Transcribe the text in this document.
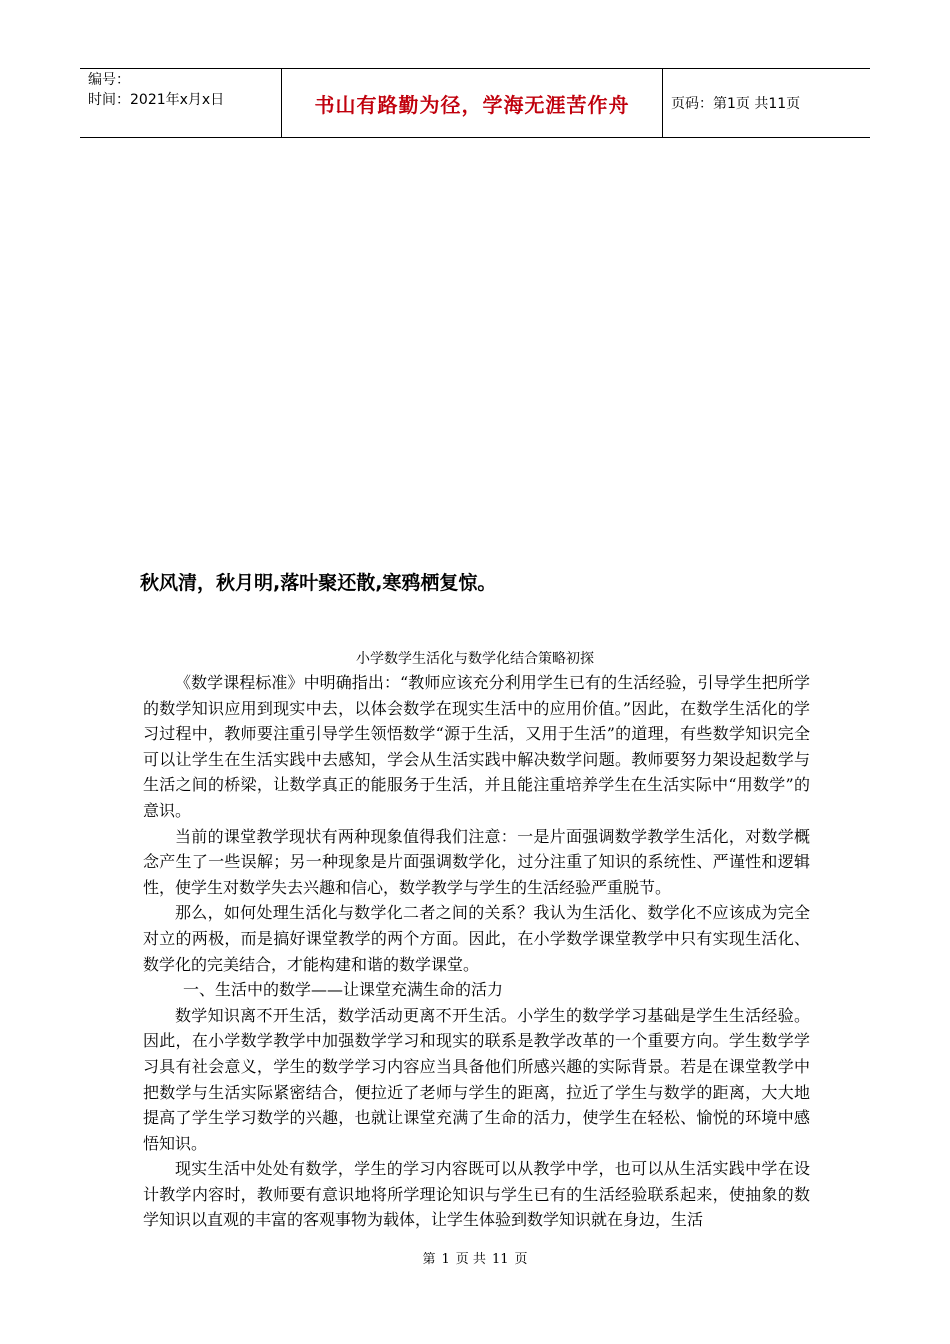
编号：
时间：2021年x月x日	书山有路勤为径，学海无涯苦作舟	页码：第1页 共11页
秋风清，秋月明,落叶聚还散,寒鸦栖复惊。
小学数学生活化与数学化结合策略初探

《数学课程标准》中明确指出：“教师应该充分利用学生已有的生活经验，引导学生把所学的数学知识应用到现实中去，以体会数学在现实生活中的应用价值。”因此，在数学生活化的学习过程中，教师要注重引导学生领悟数学“源于生活，又用于生活”的道理，有些数学知识完全可以让学生在生活实践中去感知，学会从生活实践中解决数学问题。教师要努力架设起数学与生活之间的桥梁，让数学真正的能服务于生活，并且能注重培养学生在生活实际中“用数学”的意识。

当前的课堂教学现状有两种现象值得我们注意：一是片面强调数学教学生活化，对数学概念产生了一些误解；另一种现象是片面强调数学化，过分注重了知识的系统性、严谨性和逻辑性，使学生对数学失去兴趣和信心，数学教学与学生的生活经验严重脱节。

那么，如何处理生活化与数学化二者之间的关系？我认为生活化、数学化不应该成为完全对立的两极，而是搞好课堂教学的两个方面。因此，在小学数学课堂教学中只有实现生活化、数学化的完美结合，才能构建和谐的数学课堂。

一、生活中的数学——让课堂充满生命的活力

数学知识离不开生活，数学活动更离不开生活。小学生的数学学习基础是学生生活经验。因此，在小学数学教学中加强数学学习和现实的联系是教学改革的一个重要方向。学生数学学习具有社会意义，学生的数学学习内容应当具备他们所感兴趣的实际背景。若是在课堂教学中把数学与生活实际紧密结合，便拉近了老师与学生的距离，拉近了学生与数学的距离，大大地提高了学生学习数学的兴趣，也就让课堂充满了生命的活力，使学生在轻松、愉悦的环境中感悟知识。

现实生活中处处有数学，学生的学习内容既可以从教学中学，也可以从生活实践中学在设计教学内容时，教师要有意识地将所学理论知识与学生已有的生活经验联系起来，使抽象的数学知识以直观的丰富的客观事物为载体，让学生体验到数学知识就在身边，生活

第 1 页 共 11 页
